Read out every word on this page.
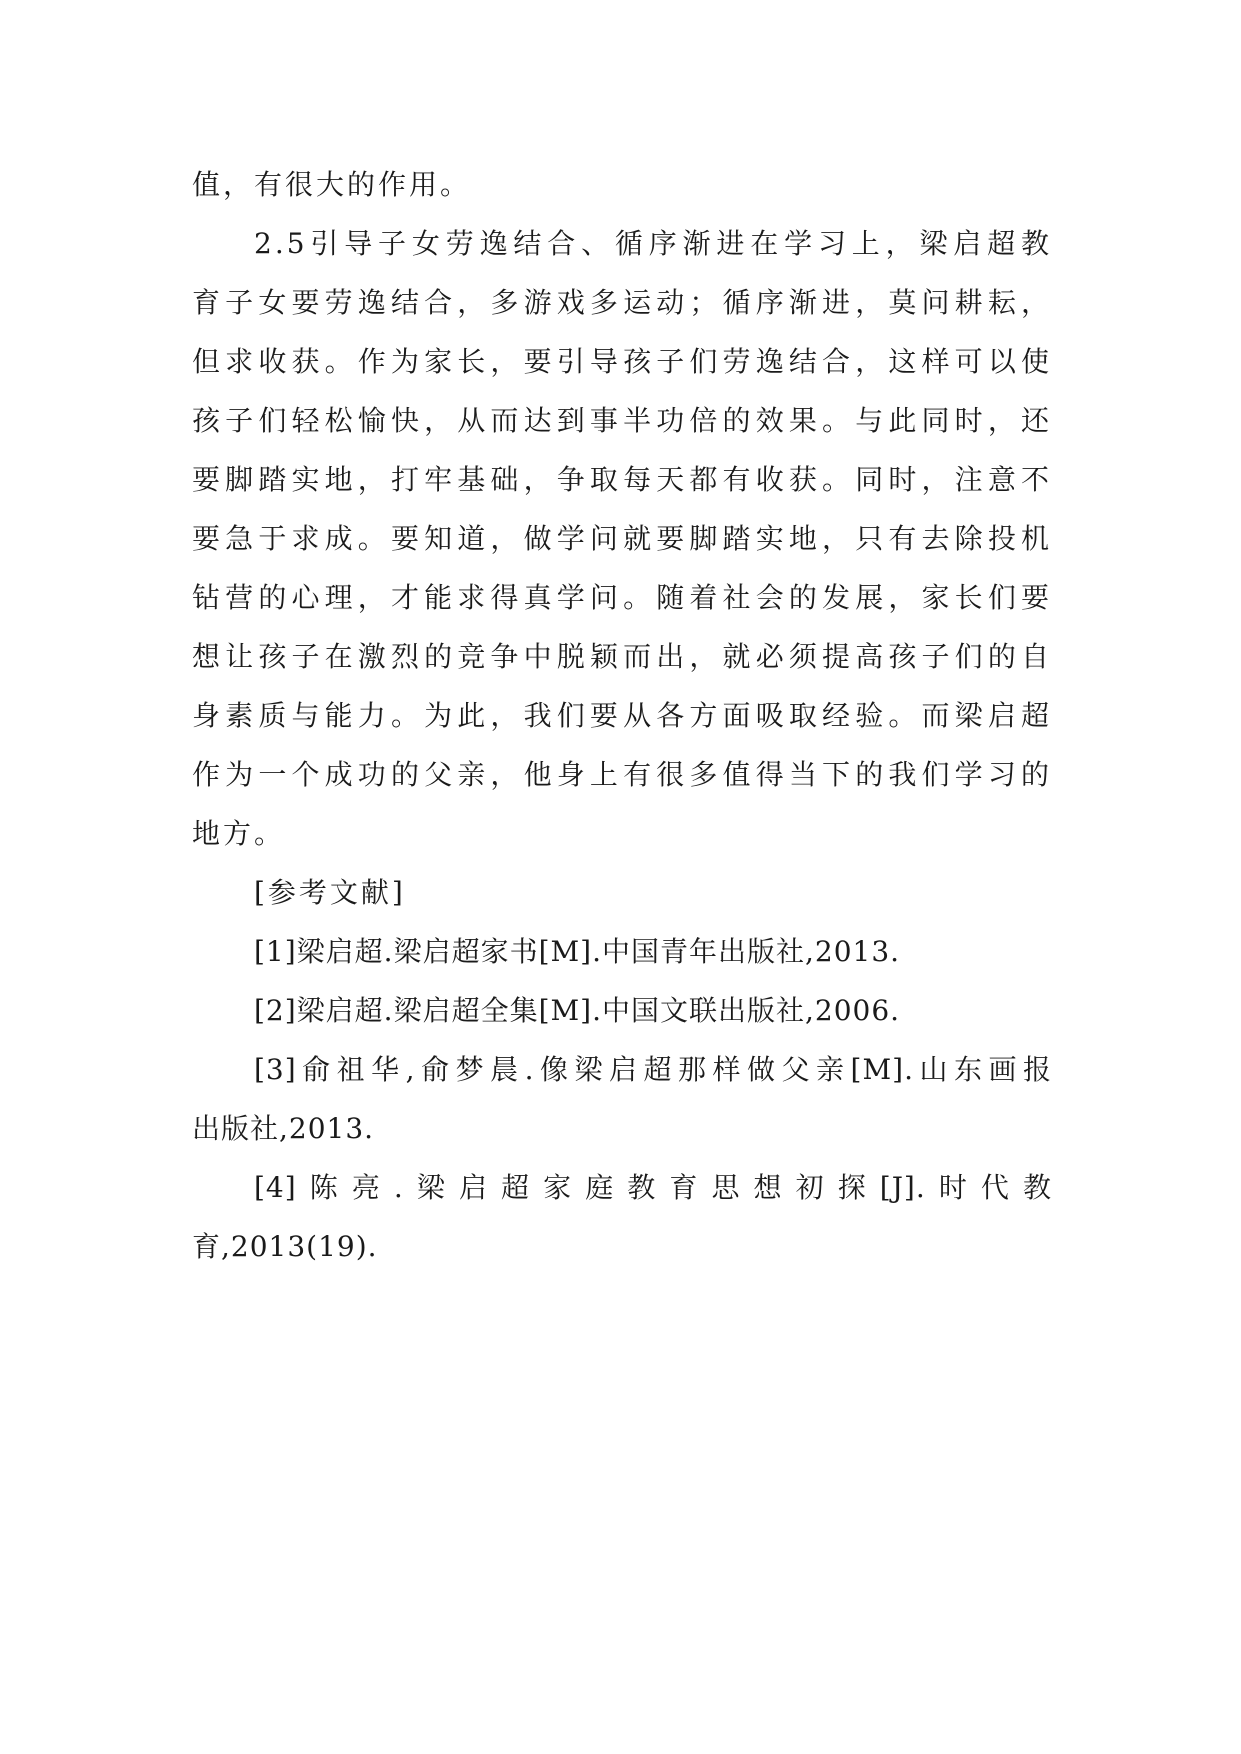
值，有很大的作用。

2.5引导子女劳逸结合、循序渐进在学习上，梁启超教

育子女要劳逸结合，多游戏多运动；循序渐进，莫问耕耘，

但求收获。作为家长，要引导孩子们劳逸结合，这样可以使

孩子们轻松愉快，从而达到事半功倍的效果。与此同时，还

要脚踏实地，打牢基础，争取每天都有收获。同时，注意不

要急于求成。要知道，做学问就要脚踏实地，只有去除投机

钻营的心理，才能求得真学问。随着社会的发展，家长们要

想让孩子在激烈的竞争中脱颖而出，就必须提高孩子们的自

身素质与能力。为此，我们要从各方面吸取经验。而梁启超

作为一个成功的父亲，他身上有很多值得当下的我们学习的

地方。

[参考文献]

[1]梁启超.梁启超家书[M].中国青年出版社,2013.

[2]梁启超.梁启超全集[M].中国文联出版社,2006.

[3]俞祖华,俞梦晨.像梁启超那样做父亲[M].山东画报

出版社,2013.

[4]陈亮.梁启超家庭教育思想初探[J].时代教

育,2013(19).
